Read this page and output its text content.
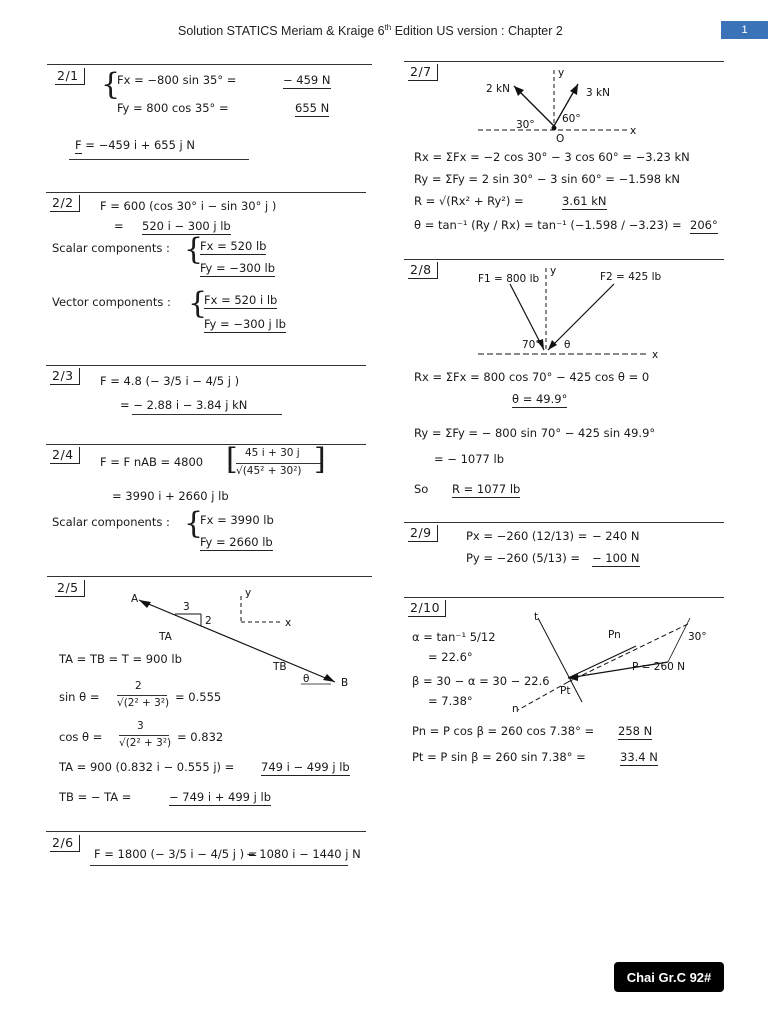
Solution STATICS Meriam & Kraige 6th Edition US version : Chapter 2	1
2/1 {
Fx = −800 sin 35° =	− 459 N
Fy = 800 cos 35° =	655 N
F = −459 i + 655 j N
2/2	F = 600 (cos 30° i − sin 30° j )
= 520 i − 300 j lb
Scalar components : {
Fx = 520 lb
Fy = −300 lb
Vector components : {
Fx = 520 i lb
Fy = −300 j lb
2/3	F = 4.8 (− 3/5 i − 4/5 j )
= − 2.88 i − 3.84 j kN
2/4	F = F nAB = 4800
45 i + 30 j
√(45² + 30²)
[	]
= 3990 i + 2660 j lb
Scalar components : {
Fx = 3990 lb
Fy = 2660 lb
2/5
A
B
3
2
TA
TB
θ
y
x
TA = TB = T = 900 lb
sin θ =
2
√(2² + 3²) = 0.555
cos θ =
3
√(2² + 3²) = 0.832
TA = 900 (0.832 i − 0.555 j) = 749 i − 499 j lb
TB = − TA =	− 749 i + 499 j lb
2/6
F = 1800 (− 3/5 i − 4/5 j ) =
− 1080 i − 1440 j N
2/7
2 kN	3 kN
30°	60°
O
y
x
Rx = ΣFx = −2 cos 30° − 3 cos 60° = −3.23 kN
Ry = ΣFy = 2 sin 30° − 3 sin 60° = −1.598 kN
R = √(Rx² + Ry²) =	3.61 kN
θ = tan⁻¹ (Ry / Rx) = tan⁻¹ (−1.598 / −3.23) = 206°
2/8
F1 = 800 lb	F2 = 425 lb
70° θ
y
x
Rx = ΣFx = 800 cos 70° − 425 cos θ = 0
θ = 49.9°
Ry = ΣFy = − 800 sin 70° − 425 sin 49.9°
= − 1077 lb
So R = 1077 lb
2/9	Px = −260 (12/13) = − 240 N
Py = −260 (5/13) = − 100 N
2/10
α = tan⁻¹ 5/12
= 22.6°
β = 30 − α = 30 − 22.6
= 7.38°
t
n
Pn
Pt
P = 260 N
30°
Pn = P cos β = 260 cos 7.38° = 258 N
Pt = P sin β = 260 sin 7.38° =	33.4 N
Chai Gr.C 92#
